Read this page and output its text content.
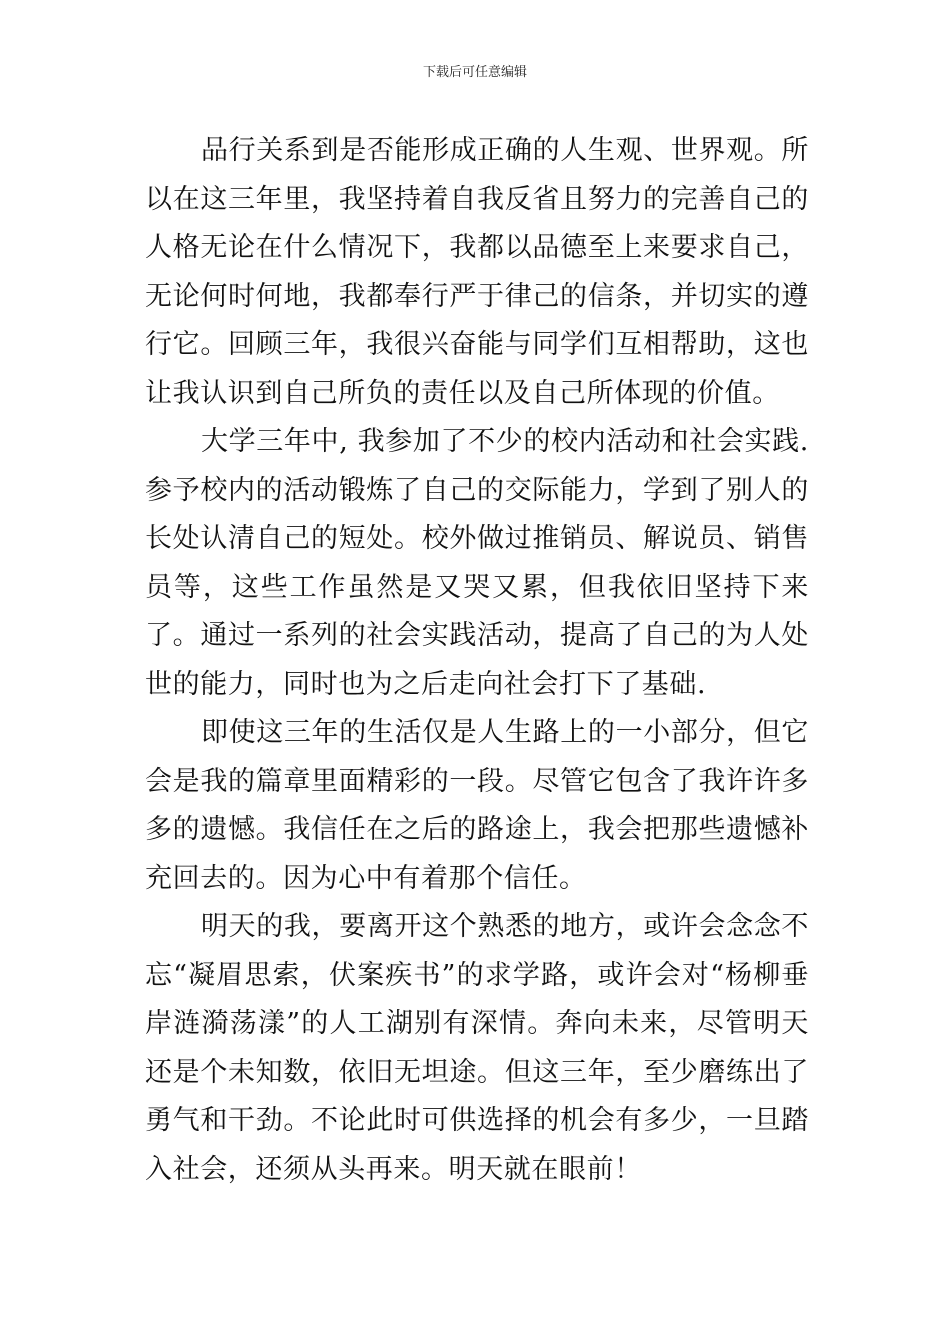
下载后可任意编辑

品行关系到是否能形成正确的人生观、世界观。所以在这三年里，我坚持着自我反省且努力的完善自己的人格无论在什么情况下，我都以品德至上来要求自己，无论何时何地，我都奉行严于律己的信条，并切实的遵行它。回顾三年，我很兴奋能与同学们互相帮助，这也让我认识到自己所负的责任以及自己所体现的价值。

大学三年中, 我参加了不少的校内活动和社会实践. 参予校内的活动锻炼了自己的交际能力，学到了别人的长处认清自己的短处。校外做过推销员、解说员、销售员等，这些工作虽然是又哭又累，但我依旧坚持下来了。通过一系列的社会实践活动，提高了自己的为人处世的能力，同时也为之后走向社会打下了基础.

即使这三年的生活仅是人生路上的一小部分，但它会是我的篇章里面精彩的一段。尽管它包含了我许许多多的遗憾。我信任在之后的路途上，我会把那些遗憾补充回去的。因为心中有着那个信任。

明天的我，要离开这个熟悉的地方，或许会念念不忘“凝眉思索，伏案疾书”的求学路，或许会对“杨柳垂岸涟漪荡漾”的人工湖别有深情。奔向未来，尽管明天还是个未知数，依旧无坦途。但这三年，至少磨练出了勇气和干劲。不论此时可供选择的机会有多少，一旦踏入社会，还须从头再来。明天就在眼前！
